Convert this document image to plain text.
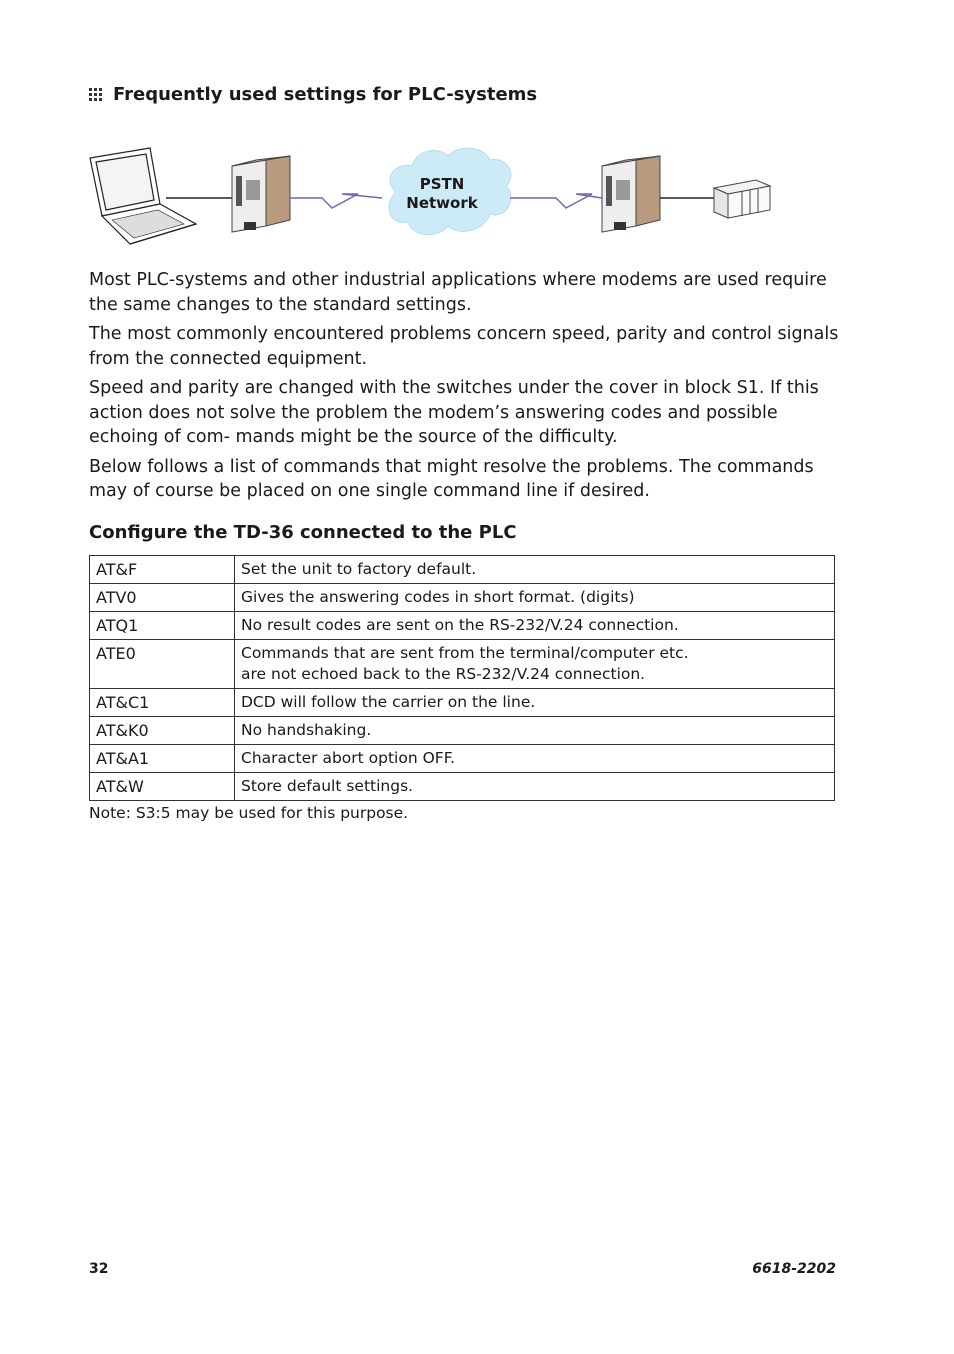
Frequently used settings for PLC-systems
PSTN
Network

Most PLC-systems and other industrial applications where modems are used require the same changes to the standard settings.

The most commonly encountered problems concern speed, parity and control signals from the connected equipment.

Speed and parity are changed with the switches under the cover in block S1. If this action does not solve the problem the modem’s answering codes and possible echoing of com- mands might be the source of the difficulty.

Below follows a list of commands that might resolve the problems. The commands may of course be placed on one single command line if desired.

Configure the TD-36 connected to the PLC
AT&F	Set the unit to factory default.

ATV0	Gives the answering codes in short format. (digits)

ATQ1	No result codes are sent on the RS-232/V.24 connection.

ATE0	Commands that are sent from the terminal/computer etc.
are not echoed back to the RS-232/V.24 connection.

AT&C1	DCD will follow the carrier on the line.

AT&K0	No handshaking.

AT&A1	Character abort option OFF.

AT&W	Store default settings.
Note: S3:5 may be used for this purpose.
32	6618-2202
